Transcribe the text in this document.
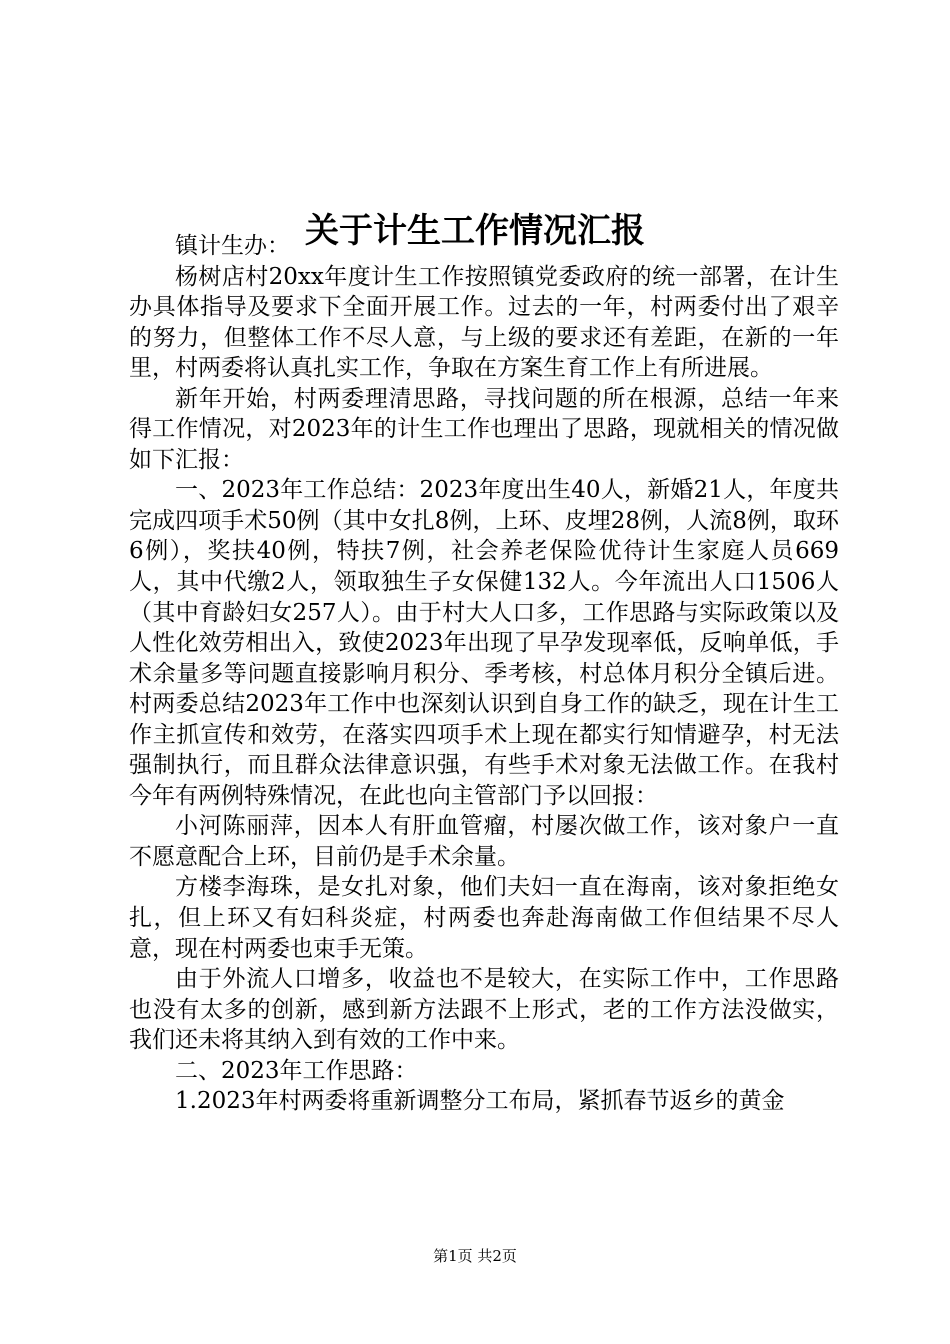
关于计生工作情况汇报

镇计生办：

杨树店村20xx年度计生工作按照镇党委政府的统一部署，在计生办具体指导及要求下全面开展工作。过去的一年，村两委付出了艰辛的努力，但整体工作不尽人意，与上级的要求还有差距，在新的一年里，村两委将认真扎实工作，争取在方案生育工作上有所进展。

新年开始，村两委理清思路，寻找问题的所在根源，总结一年来得工作情况，对2023年的计生工作也理出了思路，现就相关的情况做如下汇报：

一、2023年工作总结：2023年度出生40人，新婚21人，年度共完成四项手术50例（其中女扎8例，上环、皮埋28例，人流8例，取环6例），奖扶40例，特扶7例，社会养老保险优待计生家庭人员669人，其中代缴2人，领取独生子女保健132人。今年流出人口1506人（其中育龄妇女257人）。由于村大人口多，工作思路与实际政策以及人性化效劳相出入，致使2023年出现了早孕发现率低，反响单低，手术余量多等问题直接影响月积分、季考核，村总体月积分全镇后进。村两委总结2023年工作中也深刻认识到自身工作的缺乏，现在计生工作主抓宣传和效劳，在落实四项手术上现在都实行知情避孕，村无法强制执行，而且群众法律意识强，有些手术对象无法做工作。在我村今年有两例特殊情况，在此也向主管部门予以回报：

小河陈丽萍，因本人有肝血管瘤，村屡次做工作，该对象户一直不愿意配合上环，目前仍是手术余量。

方楼李海珠，是女扎对象，他们夫妇一直在海南，该对象拒绝女扎，但上环又有妇科炎症，村两委也奔赴海南做工作但结果不尽人意，现在村两委也束手无策。

由于外流人口增多，收益也不是较大，在实际工作中，工作思路也没有太多的创新，感到新方法跟不上形式，老的工作方法没做实，我们还未将其纳入到有效的工作中来。

二、2023年工作思路：

1.2023年村两委将重新调整分工布局，紧抓春节返乡的黄金

第1页 共2页
